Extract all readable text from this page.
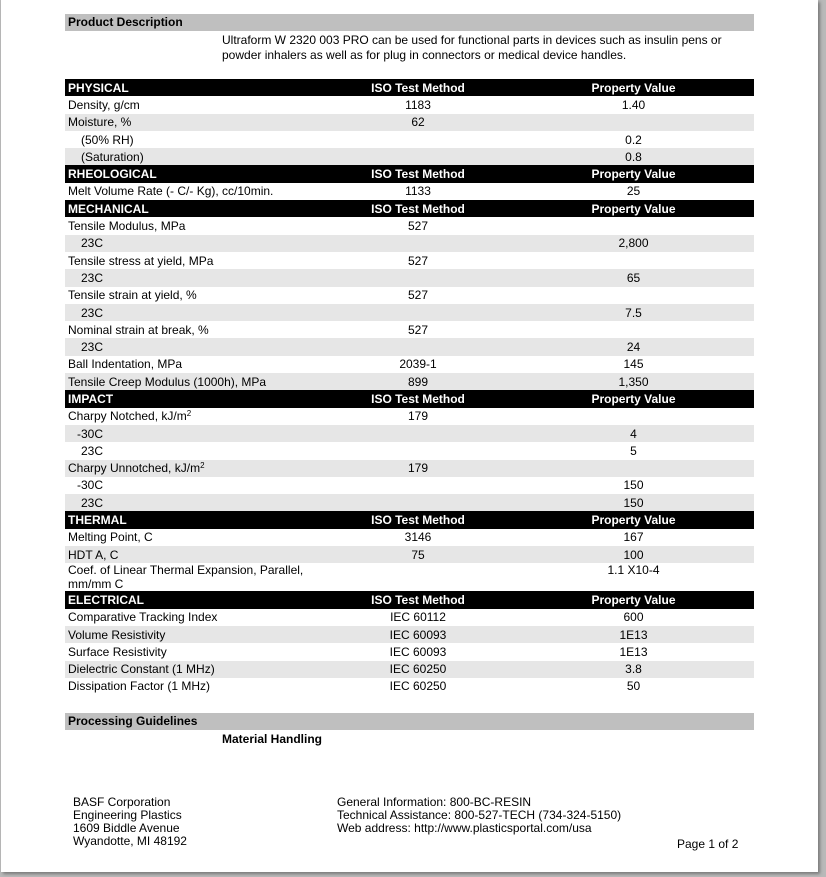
Product Description
Ultraform W 2320 003 PRO can be used for functional parts in devices such as insulin pens or powder inhalers as well as for plug in connectors or medical device handles.
PHYSICAL	ISO Test Method	Property Value
Density, g/cm	1183	1.40
Moisture, %	62	
(50% RH)		0.2
(Saturation)		0.8
RHEOLOGICAL	ISO Test Method	Property Value
Melt Volume Rate (- C/- Kg), cc/10min.	1133	25
MECHANICAL	ISO Test Method	Property Value
Tensile Modulus, MPa	527	
23C		2,800
Tensile stress at yield, MPa	527	
23C		65
Tensile strain at yield, %	527	
23C		7.5
Nominal strain at break, %	527	
23C		24
Ball Indentation, MPa	2039-1	145
Tensile Creep Modulus (1000h), MPa	899	1,350
IMPACT	ISO Test Method	Property Value
Charpy Notched, $kJ/m^2$	179	
-30C		4
23C		5
Charpy Unnotched, $kJ/m^2$	179	
-30C		150
23C		150
THERMAL	ISO Test Method	Property Value
Melting Point, C	3146	167
HDT A, C	75	100
Coef. of Linear Thermal Expansion, Parallel, mm/mm C		1.1 X10-4
ELECTRICAL	ISO Test Method	Property Value
Comparative Tracking Index	IEC 60112	600
Volume Resistivity	IEC 60093	1E13
Surface Resistivity	IEC 60093	1E13
Dielectric Constant (1 MHz)	IEC 60250	3.8
Dissipation Factor (1 MHz)	IEC 60250	50
Processing Guidelines
Material Handling
BASF Corporation
Engineering Plastics
1609 Biddle Avenue
Wyandotte, MI 48192
General Information: 800-BC-RESIN
Technical Assistance: 800-527-TECH (734-324-5150)
Web address: http://www.plasticsportal.com/usa
Page 1 of 2
